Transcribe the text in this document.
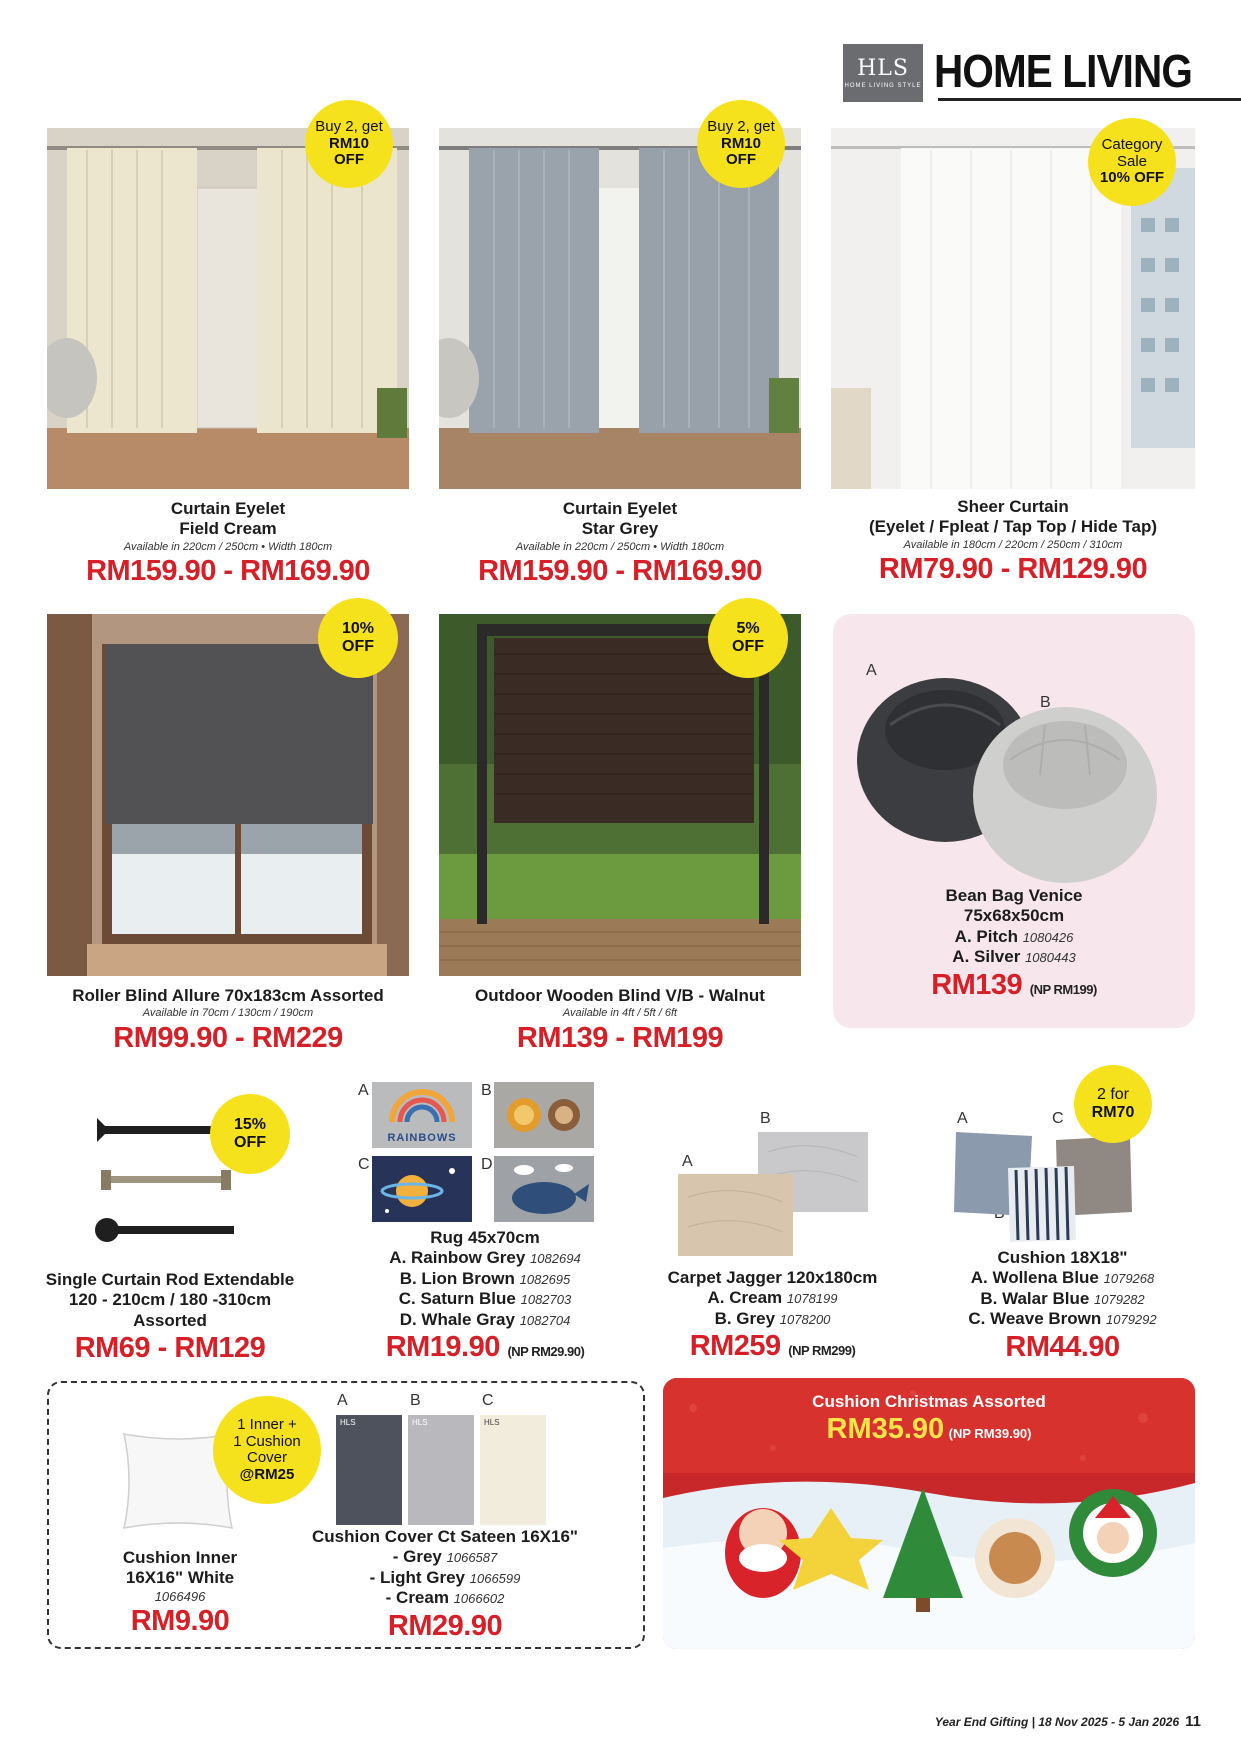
HLS
HOME LIVING STYLE HOME LIVING
Buy 2, get
RM10
OFF
Curtain Eyelet
Field Cream
Available in 220cm / 250cm • Width 180cm
RM159.90 - RM169.90
Buy 2, get
RM10
OFF
Curtain Eyelet
Star Grey
Available in 220cm / 250cm • Width 180cm
RM159.90 - RM169.90
Category
Sale
10% OFF
Sheer Curtain
(Eyelet / Fpleat / Tap Top / Hide Tap)
Available in 180cm / 220cm / 250cm / 310cm
RM79.90 - RM129.90
10%
OFF
Roller Blind Allure 70x183cm Assorted
Available in 70cm / 130cm / 190cm
RM99.90 - RM229
5%
OFF
Outdoor Wooden Blind V/B - Walnut
Available in 4ft / 5ft / 6ft
RM139 - RM199
A
B
Bean Bag Venice
75x68x50cm
A. Pitch 1080426
A. Silver 1080443
RM139 (NP RM199)
15%
OFF
Single Curtain Rod Extendable
120 - 210cm / 180 -310cm
Assorted
RM69 - RM129
A	B
C	D
RAINBOWS
Rug 45x70cm
A. Rainbow Grey 1082694
B. Lion Brown 1082695
C. Saturn Blue 1082703
D. Whale Gray 1082704
RM19.90 (NP RM29.90)
A
B
Carpet Jagger 120x180cm
A. Cream 1078199
B. Grey 1078200
RM259 (NP RM299)
A	C
2 for
RM70
Cushion 18X18"
A. Wollena Blue 1079268
B. Walar Blue 1079282
C. Weave Brown 1079292
RM44.90
1 Inner +
1 Cushion Cover
@RM25
Cushion Inner
16X16" White
1066496
RM9.90
A	B	C
HLS	HLS	HLS
Cushion Cover Ct Sateen 16X16"
- Grey 1066587
- Light Grey 1066599
- Cream 1066602
RM29.90
Cushion Christmas Assorted
RM35.90 (NP RM39.90)
Year End Gifting | 18 Nov 2025 - 5 Jan 2026 11
